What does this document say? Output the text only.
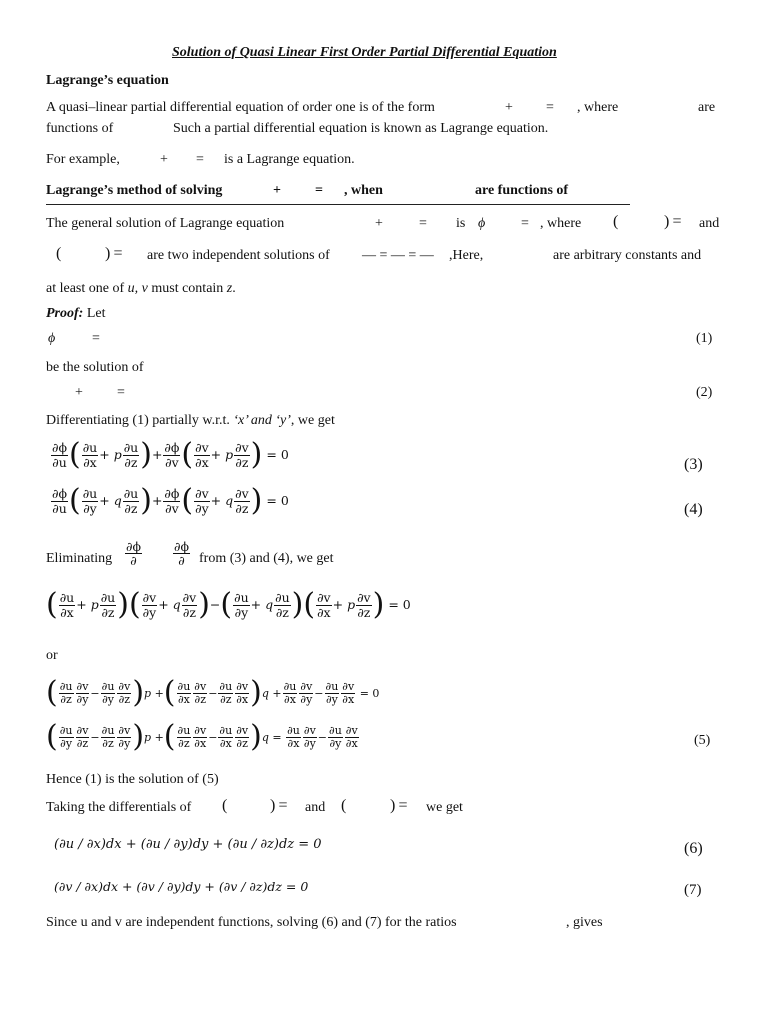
Solution of Quasi Linear First Order Partial Differential Equation
Lagrange’s equation
A quasi–linear partial differential equation of order one is of the form	+ = , where	are
functions of	Such a partial differential equation is known as Lagrange equation.
For example,	+ = is a Lagrange equation.
Lagrange’s method of solving	+ = , when	are functions of
The general solution of Lagrange equation	+	= is ϕ	= , where (	) = and
(	) = are two independent solutions of — = — = — ,Here,	are arbitrary constants and
at least one of u, v must contain z.
Proof: Let
ϕ	=	(1)
be the solution of
+ =	(2)
Differentiating (1) partially w.r.t. ‘x’ and ‘y’, we get
$\frac{\partial\phi}{\partial u}$ ( $\frac{\partial u}{\partial x}$ +
p $\frac{\partial u}{\partial z}$ ) + $\frac{\partial\phi}{\partial v}$ ( $\frac{\partial v}{\partial x}$ +
p $\frac{\partial v}{\partial z}$ )
= 0
(3)
$\frac{\partial\phi}{\partial u}$ ( $\frac{\partial u}{\partial y}$ +
q $\frac{\partial u}{\partial z}$ ) + $\frac{\partial\phi}{\partial v}$ ( $\frac{\partial v}{\partial y}$ +
q $\frac{\partial v}{\partial z}$ )
= 0
(4)
Eliminating $\frac{\partial\phi}{\partial} \frac{\partial\phi}{\partial}$ from (3) and (4), we get
( $\frac{\partial u}{\partial x}$ +
p $\frac{\partial u}{\partial z}$ )( $\frac{\partial v}{\partial y}$ +
q $\frac{\partial v}{\partial z}$ ) − ( $\frac{\partial u}{\partial y}$ +
q $\frac{\partial u}{\partial z}$ )( $\frac{\partial v}{\partial x}$ +
p $\frac{\partial v}{\partial z}$ )
= 0
or
( $\frac{\partial u}{\partial z} \frac{\partial v}{\partial y} - \frac{\partial u}{\partial y} \frac{\partial v}{\partial z}$ ) p
+ ( $\frac{\partial u}{\partial x} \frac{\partial v}{\partial z} - \frac{\partial u}{\partial z} \frac{\partial v}{\partial x}$ ) q
+ $\frac{\partial u}{\partial x} \frac{\partial v}{\partial y} - \frac{\partial u}{\partial y} \frac{\partial v}{\partial x}$
= 0
( $\frac{\partial u}{\partial y} \frac{\partial v}{\partial z} - \frac{\partial u}{\partial z} \frac{\partial v}{\partial y}$ ) p
+ ( $\frac{\partial u}{\partial z} \frac{\partial v}{\partial x} - \frac{\partial u}{\partial x} \frac{\partial v}{\partial z}$ ) q
=
$\frac{\partial u}{\partial x} \frac{\partial v}{\partial y} - \frac{\partial u}{\partial y} \frac{\partial v}{\partial x}$	(5)
Hence (1) is the solution of (5)
Taking the differentials of (	) = and (	) = we get
(∂u / ∂x)dx + (∂u / ∂y)dy + (∂u / ∂z)dz = 0	(6)
(∂v / ∂x)dx + (∂v / ∂y)dy + (∂v / ∂z)dz = 0	(7)
Since u and v are independent functions, solving (6) and (7) for the ratios	, gives
